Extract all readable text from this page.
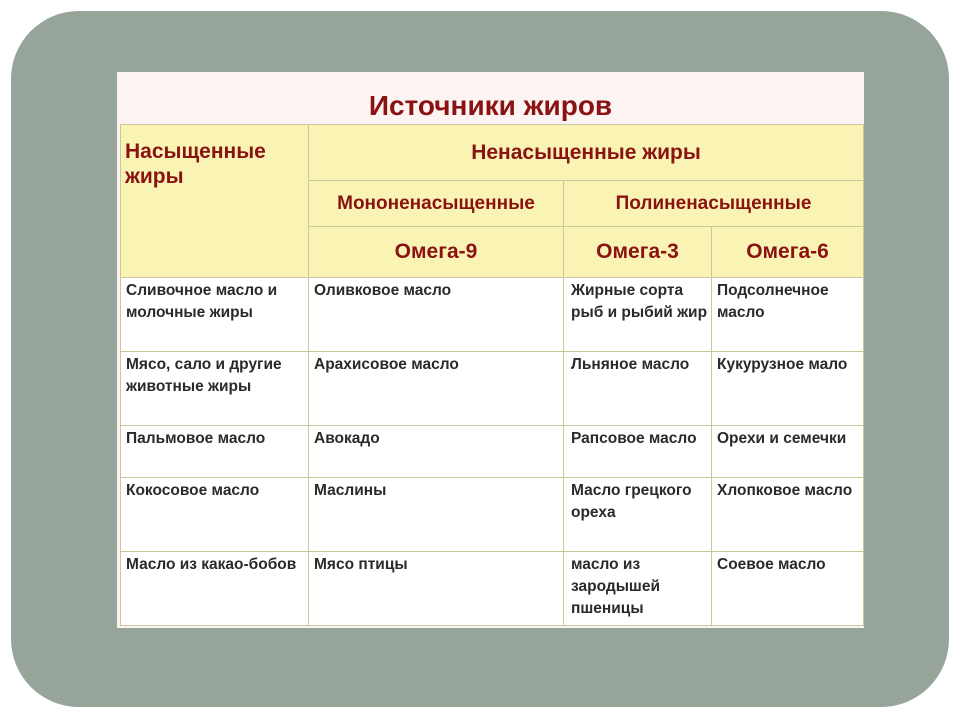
Источники жиров
Насыщенные жиры	Ненасыщенные жиры		
	Мононенасыщенные	Полиненасыщенные	
	Омега-9	Омега-3	Омега-6
Сливочное масло и молочные жиры	Оливковое масло	Жирные сорта рыб и рыбий жир	Подсолнечное масло
Мясо, сало и другие животные жиры	Арахисовое масло	Льняное масло	Кукурузное мало
Пальмовое масло	Авокадо	Рапсовое масло	Орехи и семечки
Кокосовое масло	Маслины	Масло грецкого ореха	Хлопковое масло
Масло из какао-бобов	Мясо птицы	масло из зародышей пшеницы	Соевое масло
